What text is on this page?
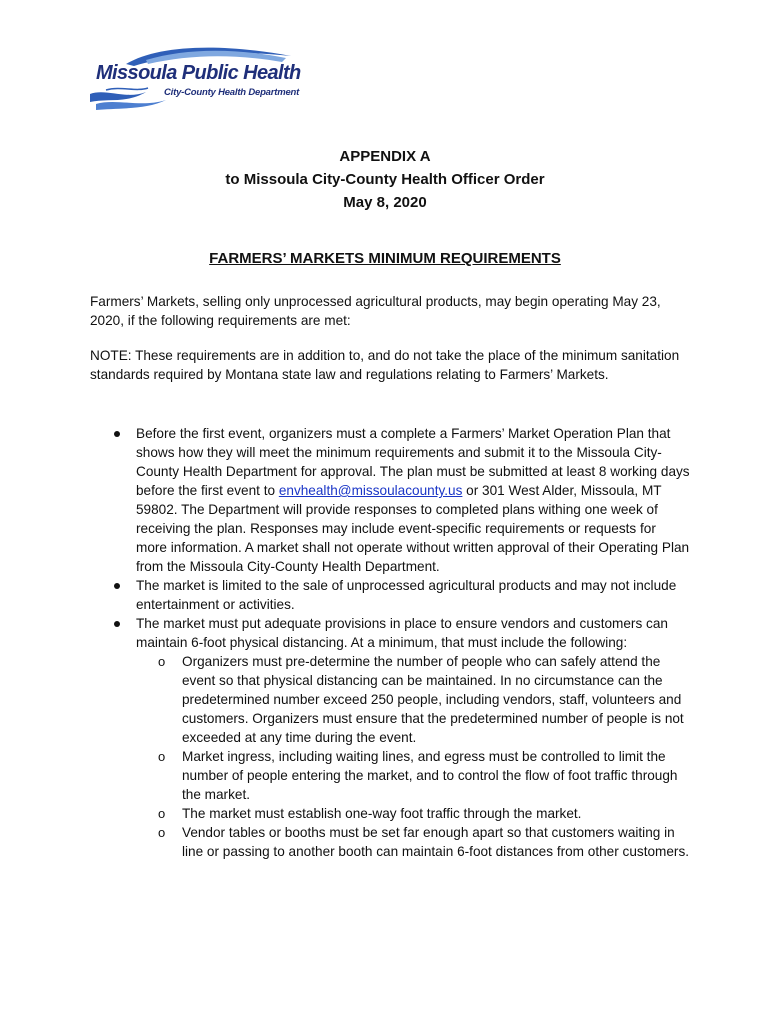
Missoula Public Health
City-County Health Department
APPENDIX A
to Missoula City-County Health Officer Order
May 8, 2020
FARMERS’ MARKETS MINIMUM REQUIREMENTS
Farmers’ Markets, selling only unprocessed agricultural products, may begin operating May 23, 2020, if the following requirements are met:
NOTE: These requirements are in addition to, and do not take the place of the minimum sanitation standards required by Montana state law and regulations relating to Farmers’ Markets.
Before the first event, organizers must a complete a Farmers’ Market Operation Plan that shows how they will meet the minimum requirements and submit it to the Missoula City-County Health Department for approval. The plan must be submitted at least 8 working days before the first event to envhealth@missoulacounty.us or 301 West Alder, Missoula, MT 59802. The Department will provide responses to completed plans withing one week of receiving the plan. Responses may include event-specific requirements or requests for more information. A market shall not operate without written approval of their Operating Plan from the Missoula City-County Health Department.
The market is limited to the sale of unprocessed agricultural products and may not include entertainment or activities.
The market must put adequate provisions in place to ensure vendors and customers can maintain 6-foot physical distancing. At a minimum, that must include the following:
o Organizers must pre-determine the number of people who can safely attend the event so that physical distancing can be maintained. In no circumstance can the predetermined number exceed 250 people, including vendors, staff, volunteers and customers. Organizers must ensure that the predetermined number of people is not exceeded at any time during the event.
o Market ingress, including waiting lines, and egress must be controlled to limit the number of people entering the market, and to control the flow of foot traffic through the market.
o The market must establish one-way foot traffic through the market.
o Vendor tables or booths must be set far enough apart so that customers waiting in line or passing to another booth can maintain 6-foot distances from other customers.
